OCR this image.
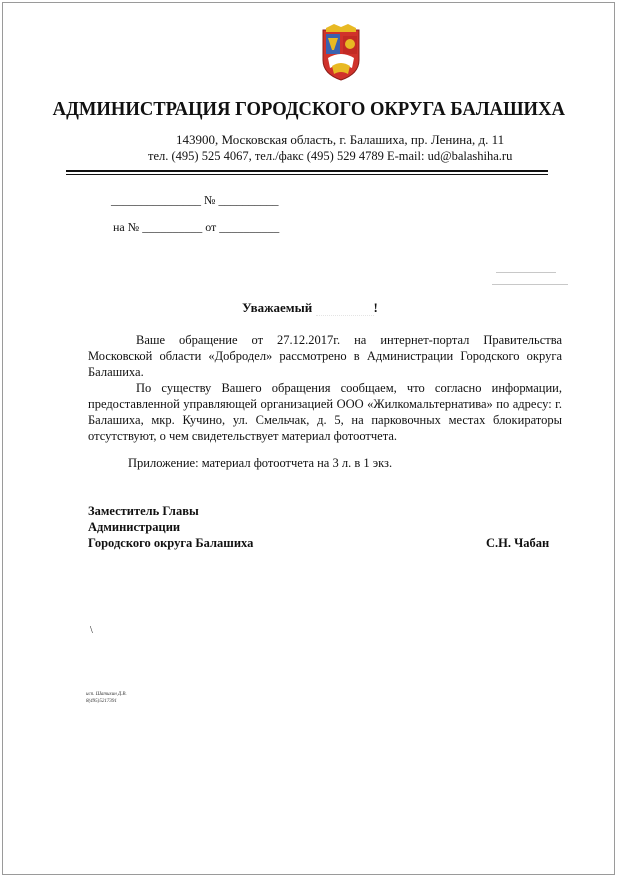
АДМИНИСТРАЦИЯ ГОРОДСКОГО ОКРУГА БАЛАШИХА
143900, Московская область, г. Балашиха, пр. Ленина, д. 11
тел. (495) 525 4067, тел./факс (495) 529 4789 E-mail: ud@balashiha.ru
_______________ № __________
на № __________ от __________
Уважаемый	!
Ваше обращение от 27.12.2017г. на интернет-портал Правительства Московской области «Добродел» рассмотрено в Администрации Городского округа Балашиха.
По существу Вашего обращения сообщаем, что согласно информации, предоставленной управляющей организацией ООО «Жилкомальтернатива» по адресу: г. Балашиха, мкр. Кучино, ул. Смельчак, д. 5, на парковочных местах блокираторы отсутствуют, о чем свидетельствует материал фотоотчета.
Приложение: материал фотоотчета на 3 л. в 1 экз.
Заместитель Главы
Администрации
Городского округа Балашиха	С.Н. Чабан
\
исп. Шатихин Д.В.
8(495)5217391
